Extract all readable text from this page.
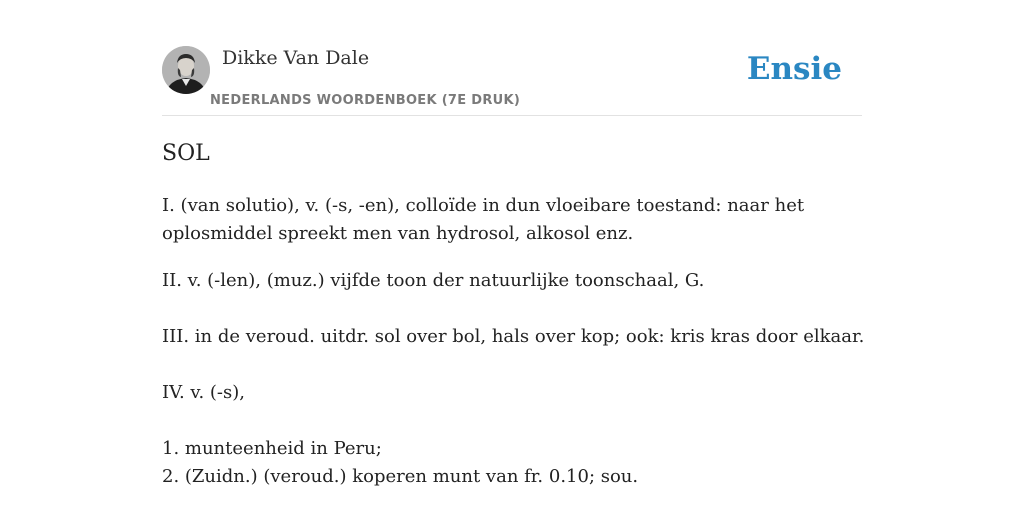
Dikke Van Dale
NEDERLANDS WOORDENBOEK (7E DRUK)
Ensie
SOL
I. (van solutio), v. (-s, -en), colloïde in dun vloeibare toestand: naar het
oplosmiddel spreekt men van hydrosol, alkosol enz.
II. v. (-len), (muz.) vijfde toon der natuurlijke toonschaal, G.
III. in de veroud. uitdr. sol over bol, hals over kop; ook: kris kras door elkaar.
IV. v. (-s),
1. munteenheid in Peru;
2. (Zuidn.) (veroud.) koperen munt van fr. 0.10; sou.
